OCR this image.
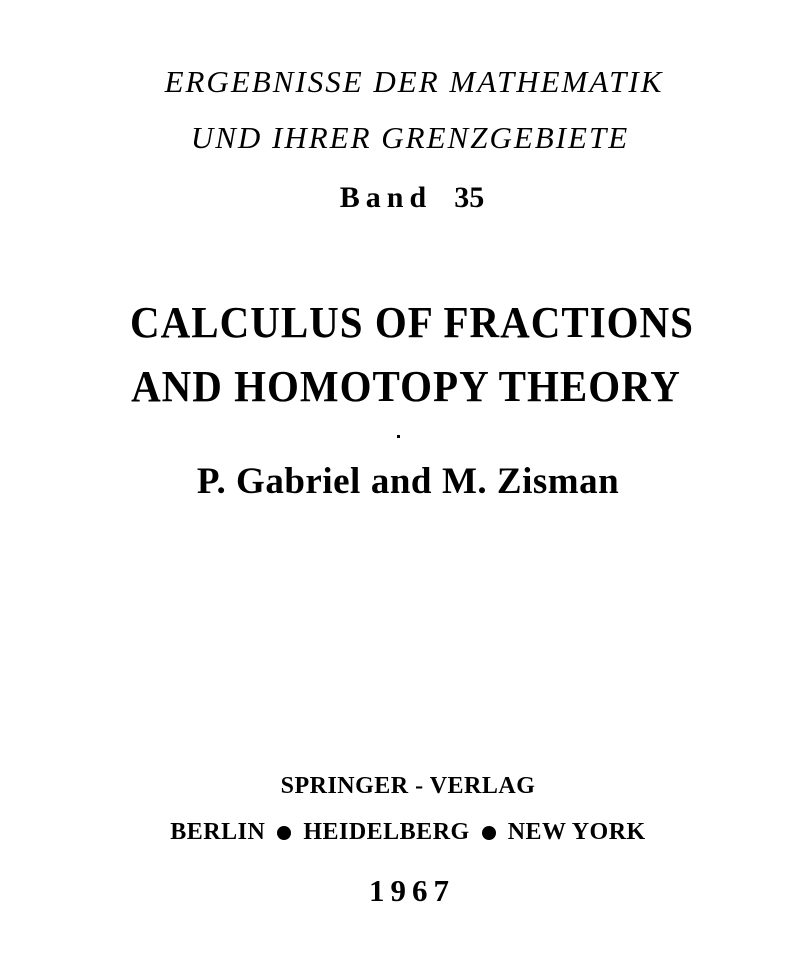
ERGEBNISSE DER MATHEMATIK

UND IHRER GRENZGEBIETE

Band 35

CALCULUS OF FRACTIONS

AND HOMOTOPY THEORY

P. Gabriel and M. Zisman

SPRINGER - VERLAG

BERLIN HEIDELBERG NEW YORK

1967
